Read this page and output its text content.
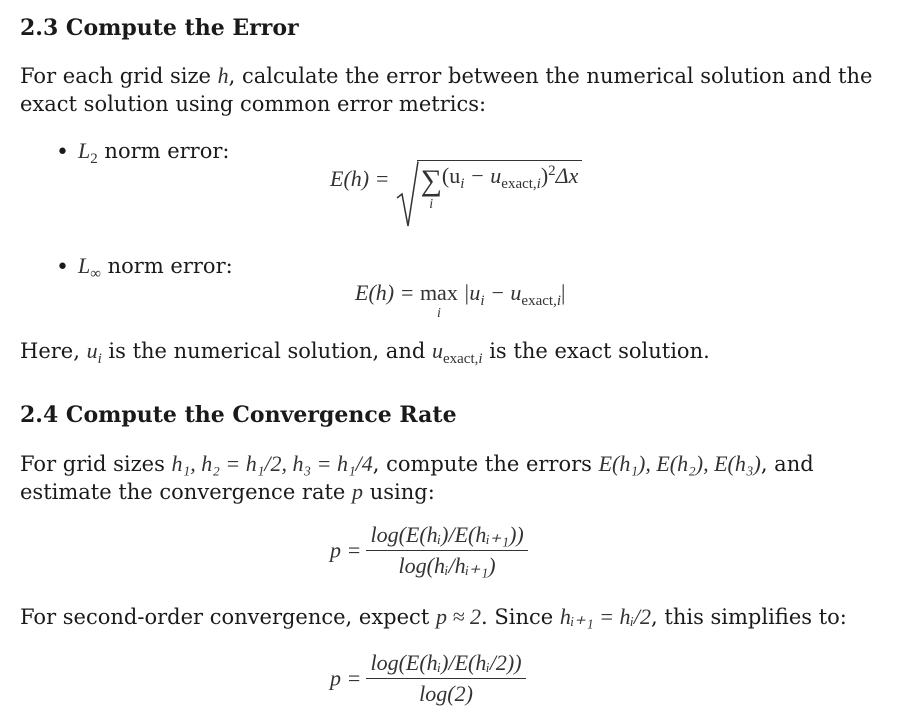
2.3 Compute the Error
For each grid size h, calculate the error between the numerical solution and the exact solution using common error metrics:
• $L_2$ norm error:
E(h) = ∑
i
(ui − uexact,i)2Δx
• $L_\infty$ norm error:
E(h) = max
i
|ui − uexact,i|
Here, $u_i$ is the numerical solution, and $u_{exact,i}$ is the exact solution.
2.4 Compute the Convergence Rate
For grid sizes h₁, h₂ = h₁/2, h₃ = h₁/4, compute the errors E(h₁), E(h₂), E(h₃), and
estimate the convergence rate p using:
$p = \frac{\text{log(E(hᵢ)/E(hᵢ₊₁))}}{\text{log(hᵢ/hᵢ₊₁)}}$
For second-order convergence, expect p ≈ 2. Since hᵢ₊₁ = hᵢ/2, this simplifies to:
$p = \frac{\text{log(E(hᵢ)/E(hᵢ/2))}}{\log(2)}$
